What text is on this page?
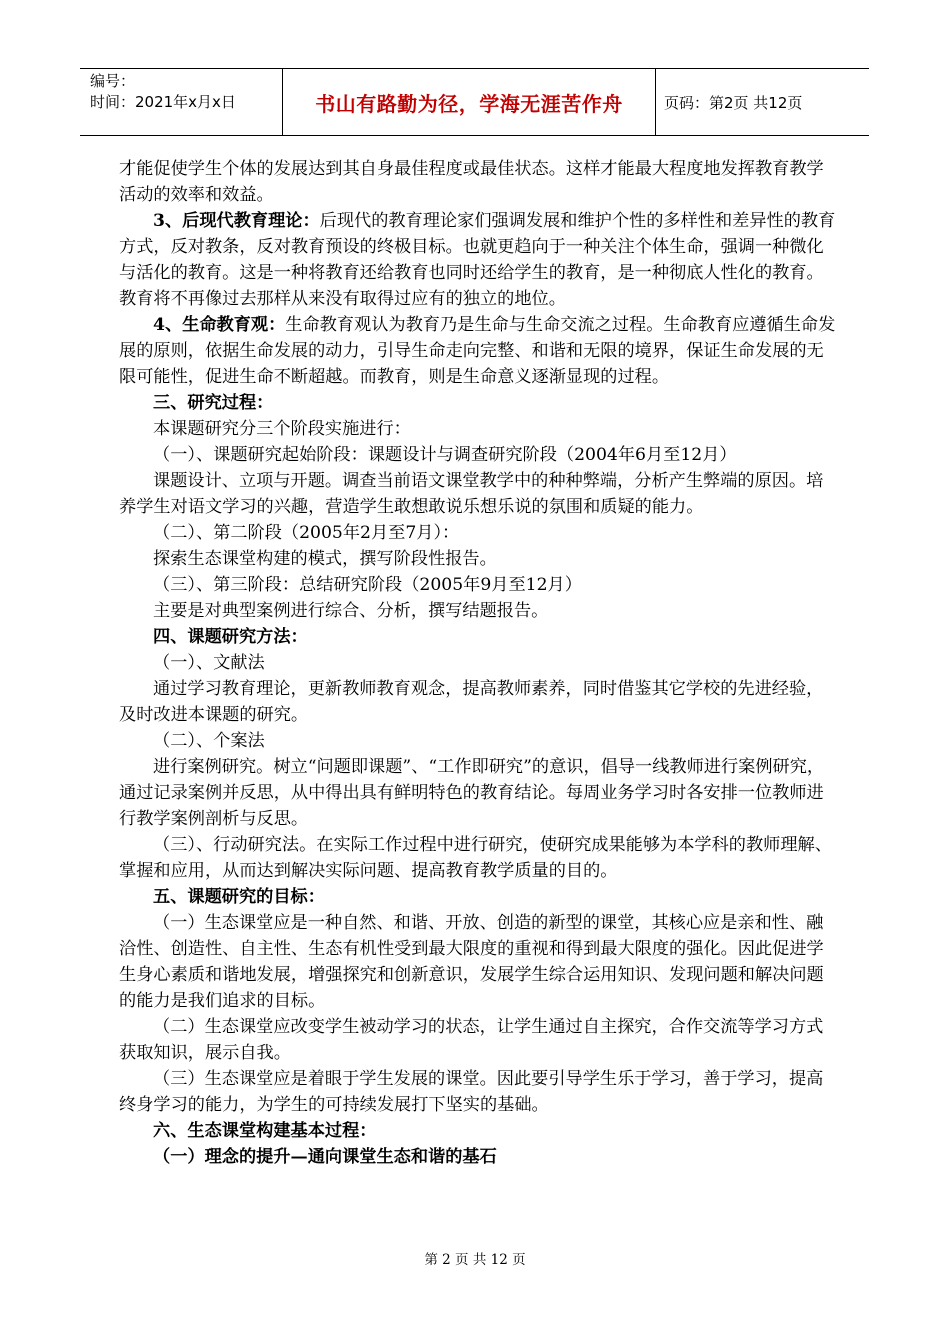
编号：
时间：2021年x月x日	书山有路勤为径，学海无涯苦作舟	页码：第2页 共12页

才能促使学生个体的发展达到其自身最佳程度或最佳状态。这样才能最大程度地发挥教育教学活动的效率和效益。

3、后现代教育理论：后现代的教育理论家们强调发展和维护个性的多样性和差异性的教育方式，反对教条，反对教育预设的终极目标。也就更趋向于一种关注个体生命，强调一种微化与活化的教育。这是一种将教育还给教育也同时还给学生的教育，是一种彻底人性化的教育。教育将不再像过去那样从来没有取得过应有的独立的地位。

4、生命教育观：生命教育观认为教育乃是生命与生命交流之过程。生命教育应遵循生命发展的原则，依据生命发展的动力，引导生命走向完整、和谐和无限的境界，保证生命发展的无限可能性，促进生命不断超越。而教育，则是生命意义逐渐显现的过程。

三、研究过程：

本课题研究分三个阶段实施进行：

（一）、课题研究起始阶段：课题设计与调查研究阶段（2004年6月至12月）

课题设计、立项与开题。调查当前语文课堂教学中的种种弊端，分析产生弊端的原因。培养学生对语文学习的兴趣，营造学生敢想敢说乐想乐说的氛围和质疑的能力。

（二）、第二阶段（2005年2月至7月）：

探索生态课堂构建的模式，撰写阶段性报告。

（三）、第三阶段：总结研究阶段（2005年9月至12月）

主要是对典型案例进行综合、分析，撰写结题报告。

四、课题研究方法：

（一）、文献法

通过学习教育理论，更新教师教育观念，提高教师素养，同时借鉴其它学校的先进经验，及时改进本课题的研究。

（二）、个案法

进行案例研究。树立“问题即课题”、“工作即研究”的意识，倡导一线教师进行案例研究，通过记录案例并反思，从中得出具有鲜明特色的教育结论。每周业务学习时各安排一位教师进行教学案例剖析与反思。

（三）、行动研究法。在实际工作过程中进行研究，使研究成果能够为本学科的教师理解、掌握和应用，从而达到解决实际问题、提高教育教学质量的目的。

五、课题研究的目标：

（一）生态课堂应是一种自然、和谐、开放、创造的新型的课堂，其核心应是亲和性、融洽性、创造性、自主性、生态有机性受到最大限度的重视和得到最大限度的强化。因此促进学生身心素质和谐地发展，增强探究和创新意识，发展学生综合运用知识、发现问题和解决问题的能力是我们追求的目标。

（二）生态课堂应改变学生被动学习的状态，让学生通过自主探究，合作交流等学习方式获取知识，展示自我。

（三）生态课堂应是着眼于学生发展的课堂。因此要引导学生乐于学习，善于学习，提高终身学习的能力，为学生的可持续发展打下坚实的基础。

六、生态课堂构建基本过程：

（一）理念的提升—通向课堂生态和谐的基石

第 2 页 共 12 页
